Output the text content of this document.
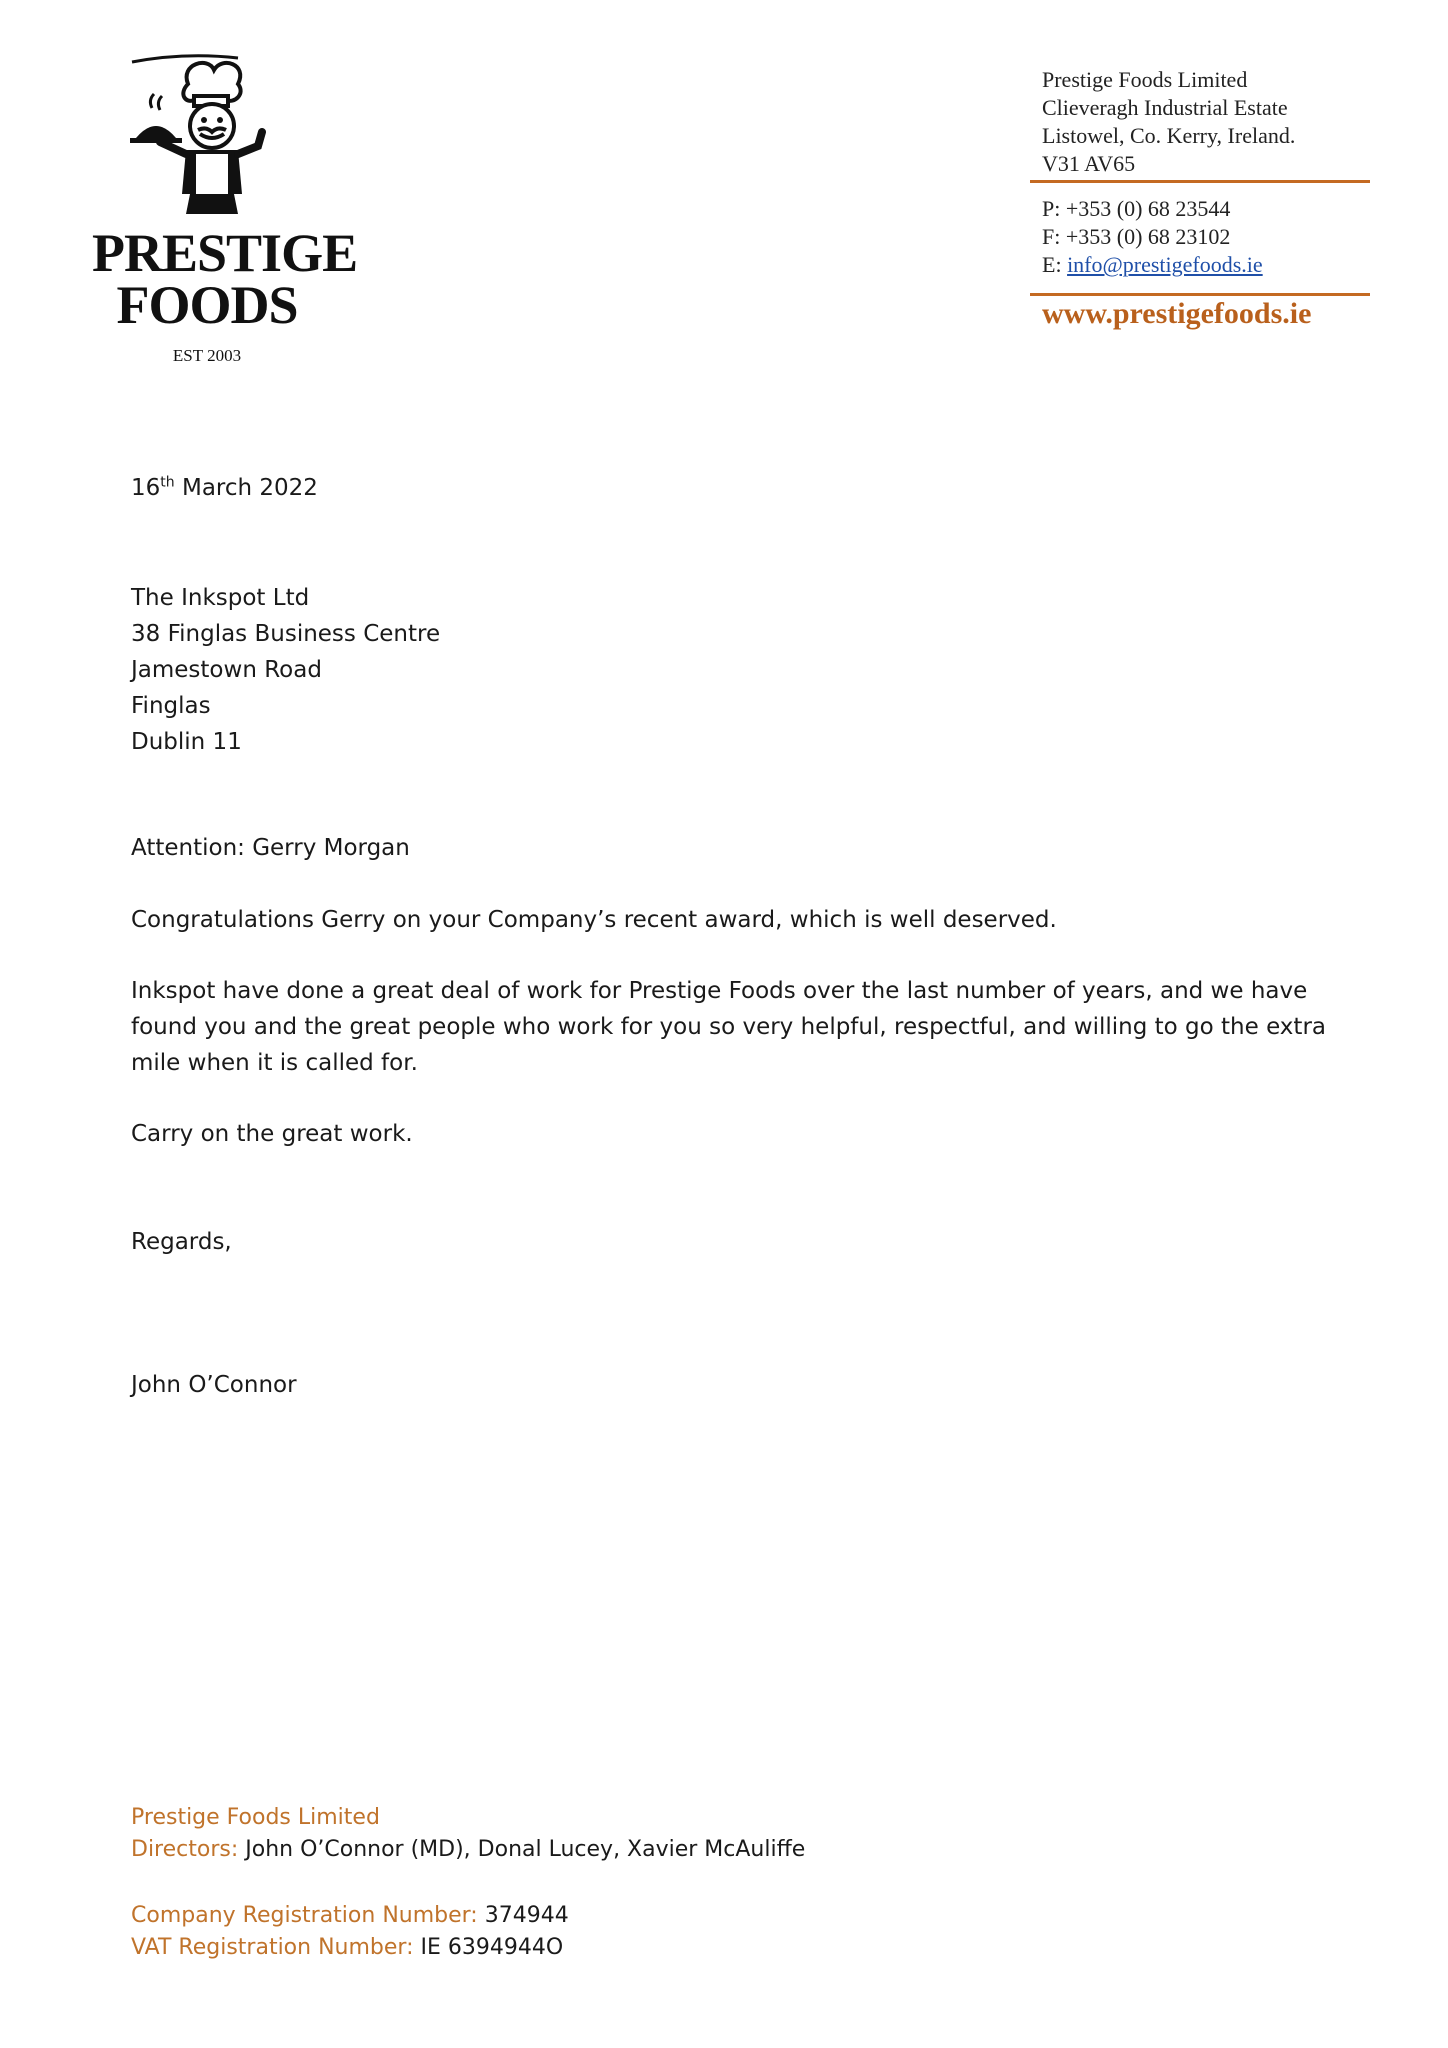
PRESTIGE
FOODS
EST 2003
Prestige Foods Limited
Clieveragh Industrial Estate
Listowel, Co. Kerry, Ireland.
V31 AV65
P: +353 (0) 68 23544
F: +353 (0) 68 23102
E: info@prestigefoods.ie
www.prestigefoods.ie
16th March 2022

The Inkspot Ltd

38 Finglas Business Centre

Jamestown Road

Finglas

Dublin 11

Attention: Gerry Morgan
Congratulations Gerry on your Company’s recent award, which is well deserved.
Inkspot have done a great deal of work for Prestige Foods over the last number of years, and we have found you and the great people who work for you so very helpful, respectful, and willing to go the extra mile when it is called for.
Carry on the great work.
Regards,
John O’Connor
Prestige Foods Limited
Directors: John O’Connor (MD), Donal Lucey, Xavier McAuliffe
Company Registration Number: 374944
VAT Registration Number: IE 6394944O
